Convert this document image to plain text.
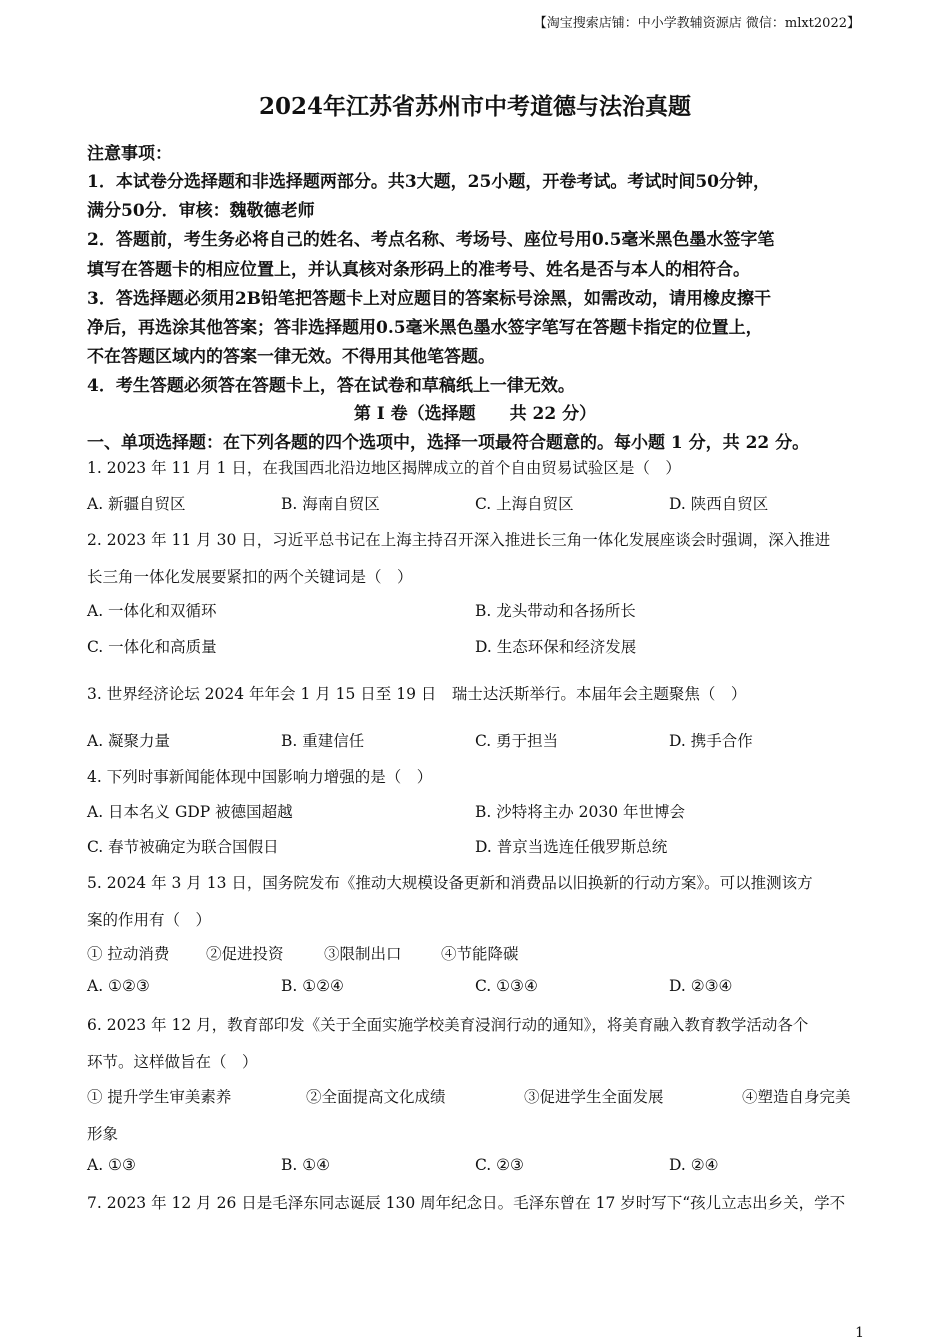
【淘宝搜索店铺：中小学教辅资源店 微信：mlxt2022】
2024年江苏省苏州市中考道德与法治真题
注意事项：
1．本试卷分选择题和非选择题两部分。共3大题，25小题，开卷考试。考试时间50分钟，
满分50分．审核：魏敬德老师
2．答题前，考生务必将自己的姓名、考点名称、考场号、座位号用0.5毫米黑色墨水签字笔
填写在答题卡的相应位置上，并认真核对条形码上的准考号、姓名是否与本人的相符合。
3．答选择题必须用2B铅笔把答题卡上对应题目的答案标号涂黑，如需改动，请用橡皮擦干
净后，再选涂其他答案；答非选择题用0.5毫米黑色墨水签字笔写在答题卡指定的位置上，
不在答题区域内的答案一律无效。不得用其他笔答题。
4．考生答题必须答在答题卡上，答在试卷和草稿纸上一律无效。
第 I 卷（选择题　　共 22 分）
一、单项选择题：在下列各题的四个选项中，选择一项最符合题意的。每小题 1 分，共 22 分。
1. 2023 年 11 月 1 日，在我国西北沿边地区揭牌成立的首个自由贸易试验区是（　）
A. 新疆自贸区	B. 海南自贸区	C. 上海自贸区	D. 陕西自贸区
2. 2023 年 11 月 30 日，习近平总书记在上海主持召开深入推进长三角一体化发展座谈会时强调，深入推进
长三角一体化发展要紧扣的两个关键词是（　）
A. 一体化和双循环	B. 龙头带动和各扬所长
C. 一体化和高质量	D. 生态环保和经济发展
3. 世界经济论坛 2024 年年会 1 月 15 日至 19 日　瑞士达沃斯举行。本届年会主题聚焦（　）
A. 凝聚力量	B. 重建信任	C. 勇于担当	D. 携手合作
4. 下列时事新闻能体现中国影响力增强的是（　）
A. 日本名义 GDP 被德国超越	B. 沙特将主办 2030 年世博会
C. 春节被确定为联合国假日	D. 普京当选连任俄罗斯总统
5. 2024 年 3 月 13 日，国务院发布《推动大规模设备更新和消费品以旧换新的行动方案》。可以推测该方
案的作用有（　）
① 拉动消费 ②促进投资	③限制出口	④节能降碳
A. ①②③	B. ①②④	C. ①③④	D. ②③④
6. 2023 年 12 月，教育部印发《关于全面实施学校美育浸润行动的通知》，将美育融入教育教学活动各个
环节。这样做旨在（　）
① 提升学生审美素养	②全面提高文化成绩	③促进学生全面发展	④塑造自身完美
形象
A. ①③	B. ①④	C. ②③	D. ②④
7. 2023 年 12 月 26 日是毛泽东同志诞辰 130 周年纪念日。毛泽东曾在 17 岁时写下“孩儿立志出乡关，学不
1
